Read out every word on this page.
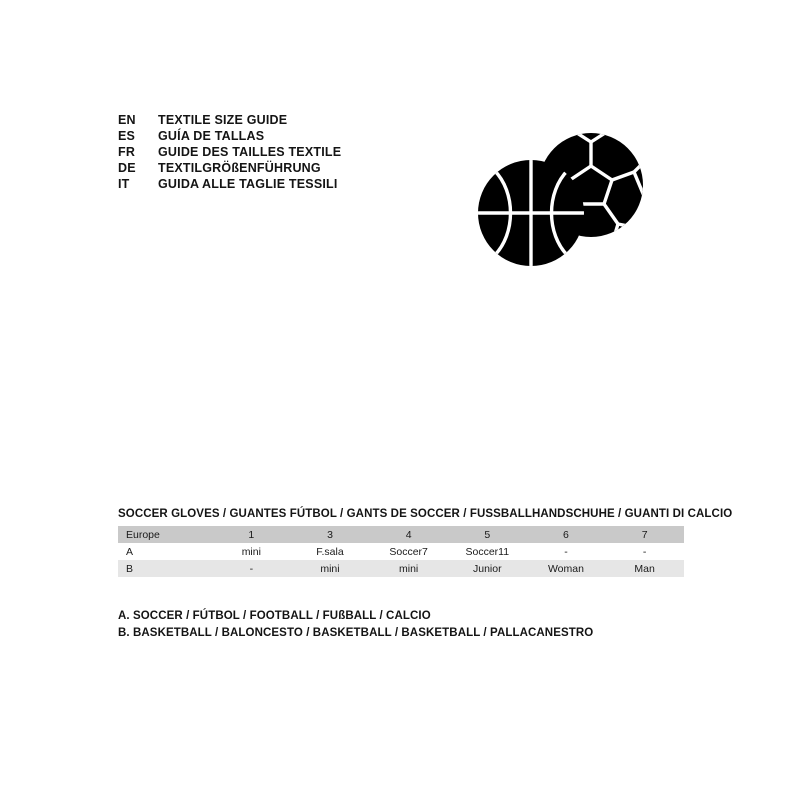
EN	TEXTILE SIZE GUIDE
ES	GUÍA DE TALLAS
FR	GUIDE DES TAILLES TEXTILE
DE	TEXTILGRÖßENFÜHRUNG
IT	GUIDA ALLE TAGLIE TESSILI
SOCCER GLOVES / GUANTES FÚTBOL / GANTS DE SOCCER / FUSSBALLHANDSCHUHE / GUANTI DI CALCIO
Europe	1	3	4	5	6	7
A	mini	F.sala	Soccer7	Soccer11	-	-
B	-	mini	mini	Junior	Woman	Man
A. SOCCER / FÚTBOL / FOOTBALL / FUßBALL / CALCIO
B. BASKETBALL / BALONCESTO / BASKETBALL / BASKETBALL / PALLACANESTRO
